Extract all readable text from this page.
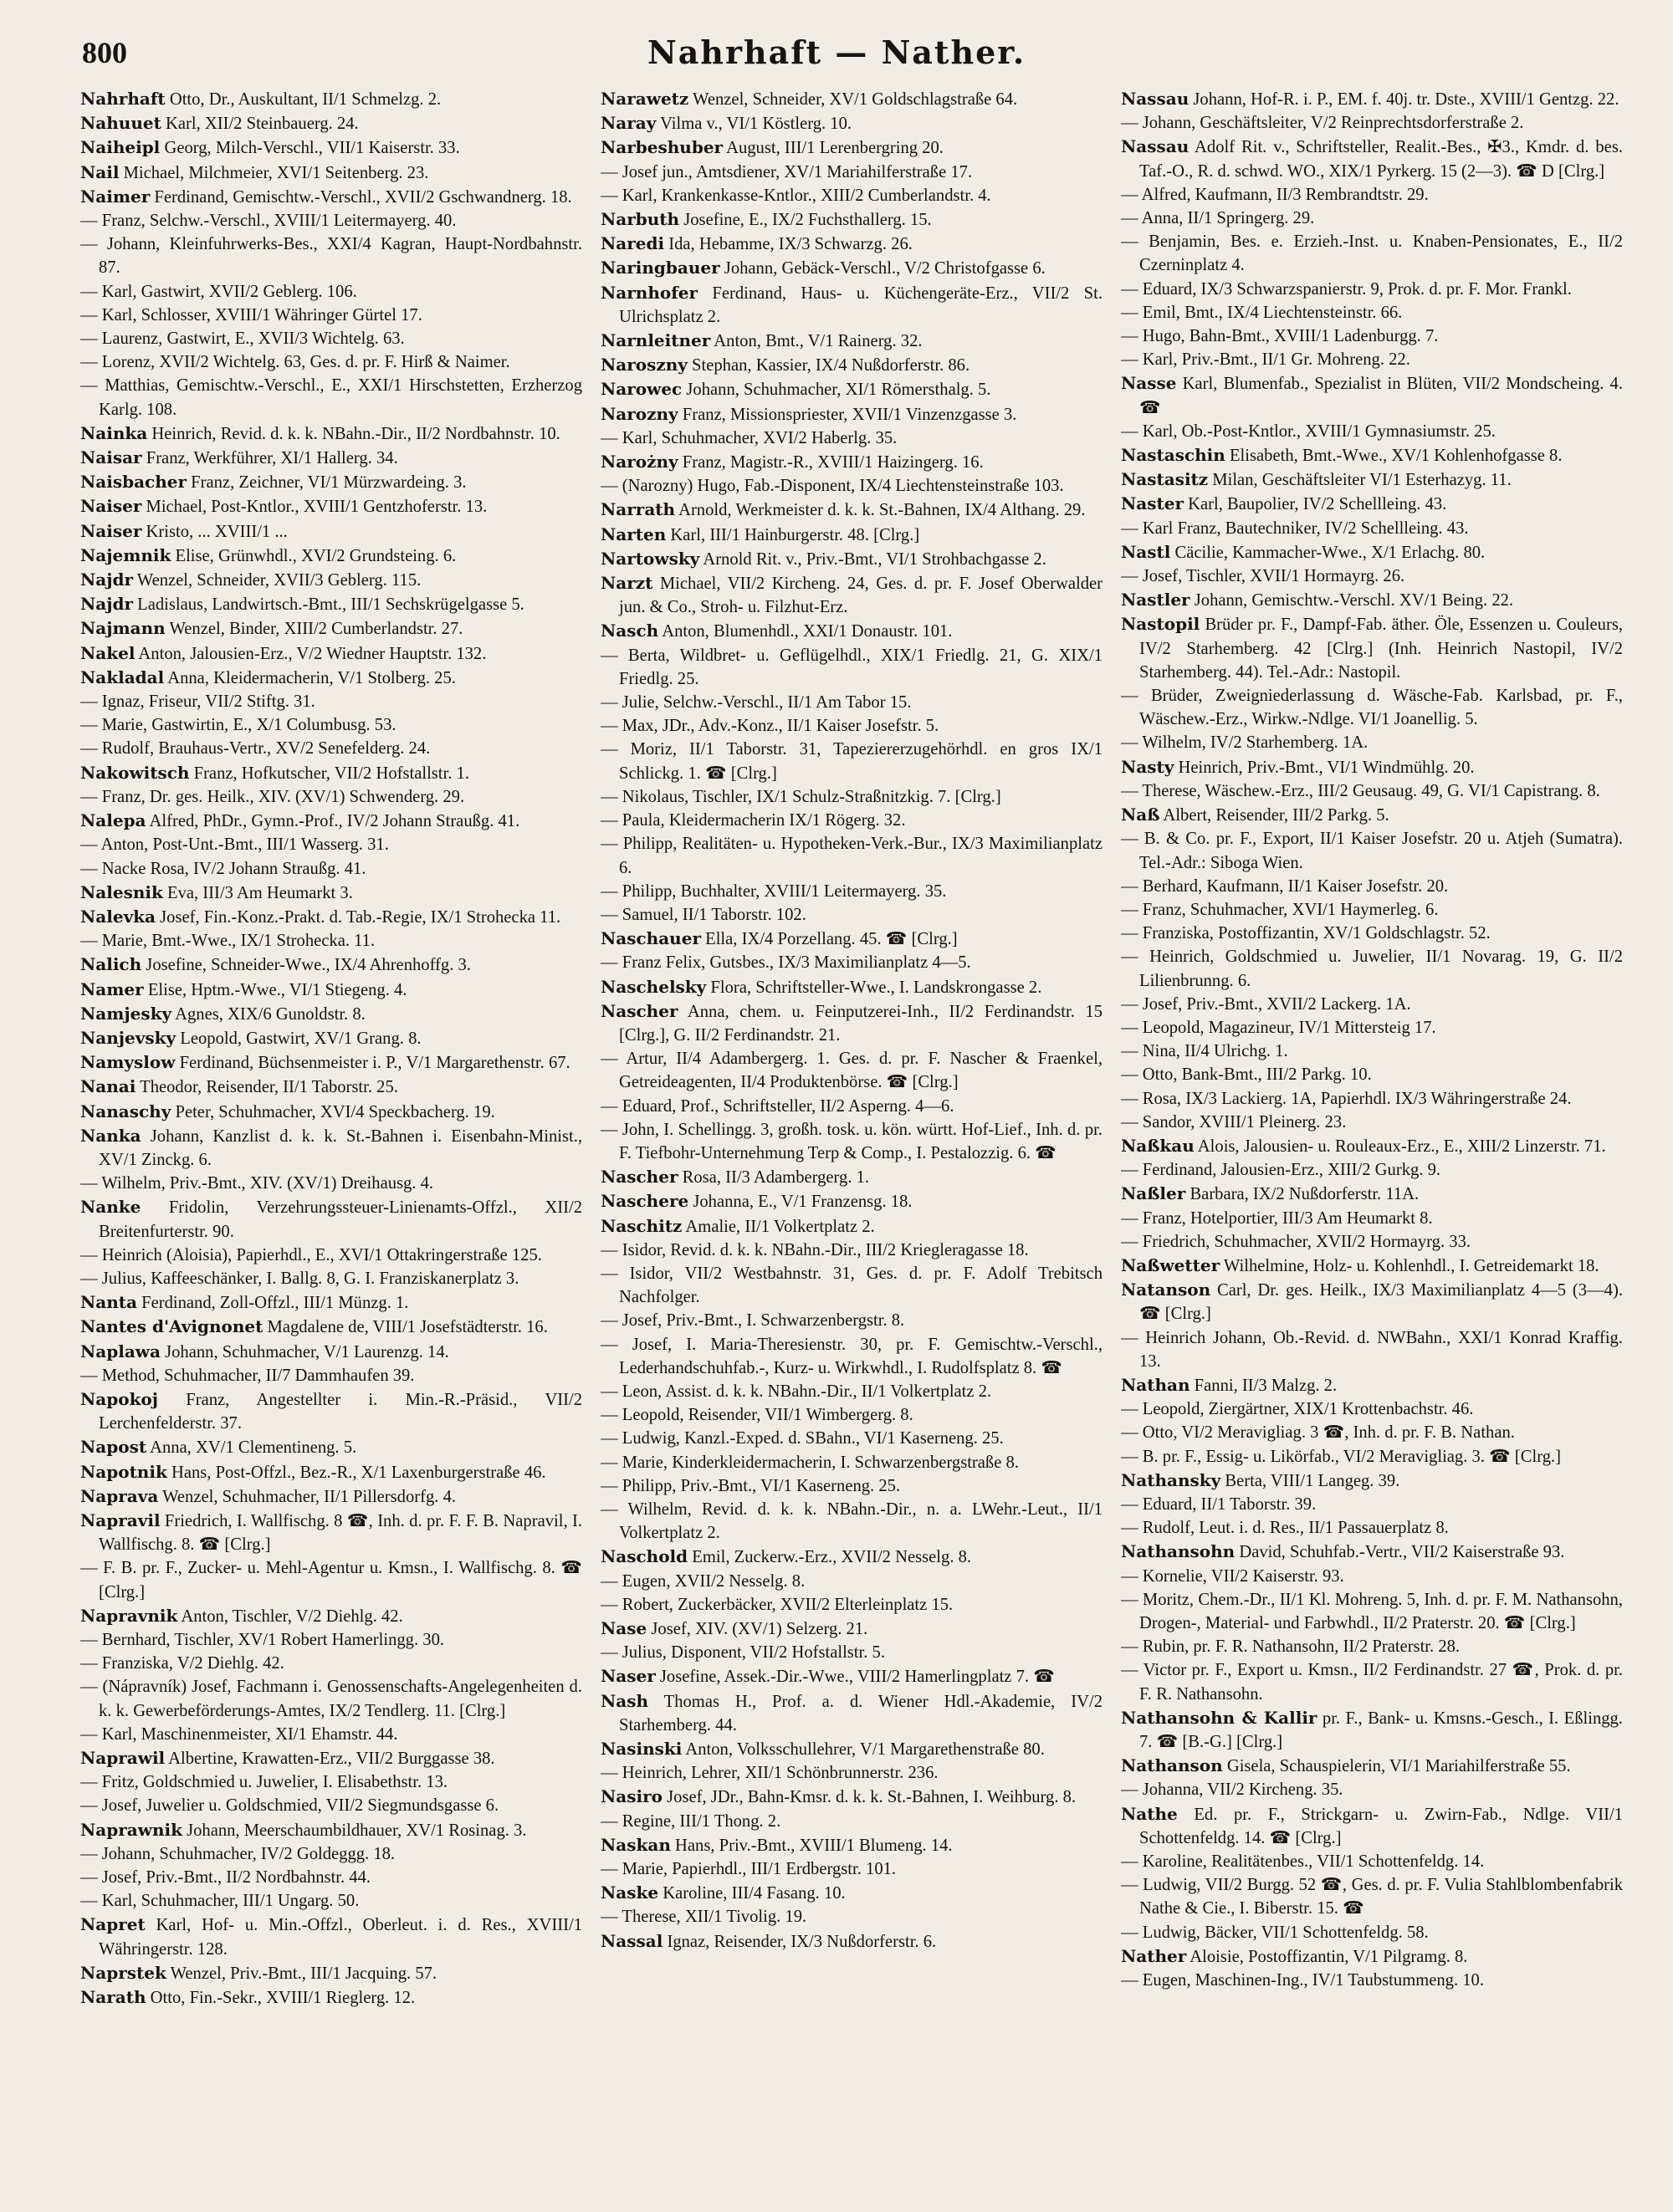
800	Nahrhaft — Nather.

Nahrhaft Otto, Dr., Auskultant, II/1 Schmelzg. 2.

Nahuuet Karl, XII/2 Steinbauerg. 24.

Naiheipl Georg, Milch-Verschl., VII/1 Kaiserstr. 33.

Nail Michael, Milchmeier, XVI/1 Seitenberg. 23.

Naimer Ferdinand, Gemischtw.-Verschl., XVII/2 Gschwandnerg. 18.

— Franz, Selchw.-Verschl., XVIII/1 Leitermayerg. 40.

— Johann, Kleinfuhrwerks-Bes., XXI/4 Kagran, Haupt-Nordbahnstr. 87.

— Karl, Gastwirt, XVII/2 Geblerg. 106.

— Karl, Schlosser, XVIII/1 Währinger Gürtel 17.

— Laurenz, Gastwirt, E., XVII/3 Wichtelg. 63.

— Lorenz, XVII/2 Wichtelg. 63, Ges. d. pr. F. Hirß & Naimer.

— Matthias, Gemischtw.-Verschl., E., XXI/1 Hirschstetten, Erzherzog Karlg. 108.

Nainka Heinrich, Revid. d. k. k. NBahn.-Dir., II/2 Nordbahnstr. 10.

Naisar Franz, Werkführer, XI/1 Hallerg. 34.

Naisbacher Franz, Zeichner, VI/1 Mürzwardeing. 3.

Naiser Michael, Post-Kntlor., XVIII/1 Gentzhoferstr. 13.

Naiser Kristo, ... XVIII/1 ...

Najemnik Elise, Grünwhdl., XVI/2 Grundsteing. 6.

Najdr Wenzel, Schneider, XVII/3 Geblerg. 115.

Najdr Ladislaus, Landwirtsch.-Bmt., III/1 Sechskrügelgasse 5.

Najmann Wenzel, Binder, XIII/2 Cumberlandstr. 27.

Nakel Anton, Jalousien-Erz., V/2 Wiedner Hauptstr. 132.

Nakladal Anna, Kleidermacherin, V/1 Stolberg. 25.

— Ignaz, Friseur, VII/2 Stiftg. 31.

— Marie, Gastwirtin, E., X/1 Columbusg. 53.

— Rudolf, Brauhaus-Vertr., XV/2 Senefelderg. 24.

Nakowitsch Franz, Hofkutscher, VII/2 Hofstallstr. 1.

— Franz, Dr. ges. Heilk., XIV. (XV/1) Schwenderg. 29.

Nalepa Alfred, PhDr., Gymn.-Prof., IV/2 Johann Straußg. 41.

— Anton, Post-Unt.-Bmt., III/1 Wasserg. 31.

— Nacke Rosa, IV/2 Johann Straußg. 41.

Nalesnik Eva, III/3 Am Heumarkt 3.

Nalevka Josef, Fin.-Konz.-Prakt. d. Tab.-Regie, IX/1 Strohecka 11.

— Marie, Bmt.-Wwe., IX/1 Strohecka. 11.

Nalich Josefine, Schneider-Wwe., IX/4 Ahrenhoffg. 3.

Namer Elise, Hptm.-Wwe., VI/1 Stiegeng. 4.

Namjesky Agnes, XIX/6 Gunoldstr. 8.

Nanjevsky Leopold, Gastwirt, XV/1 Grang. 8.

Namyslow Ferdinand, Büchsenmeister i. P., V/1 Margarethenstr. 67.

Nanai Theodor, Reisender, II/1 Taborstr. 25.

Nanaschy Peter, Schuhmacher, XVI/4 Speckbacherg. 19.

Nanka Johann, Kanzlist d. k. k. St.-Bahnen i. Eisenbahn-Minist., XV/1 Zinckg. 6.

— Wilhelm, Priv.-Bmt., XIV. (XV/1) Dreihausg. 4.

Nanke Fridolin, Verzehrungssteuer-Linienamts-Offzl., XII/2 Breitenfurterstr. 90.

— Heinrich (Aloisia), Papierhdl., E., XVI/1 Ottakringerstraße 125.

— Julius, Kaffeeschänker, I. Ballg. 8, G. I. Franziskanerplatz 3.

Nanta Ferdinand, Zoll-Offzl., III/1 Münzg. 1.

Nantes d'Avignonet Magdalene de, VIII/1 Josefstädterstr. 16.

Naplawa Johann, Schuhmacher, V/1 Laurenzg. 14.

— Method, Schuhmacher, II/7 Dammhaufen 39.

Napokoj Franz, Angestellter i. Min.-R.-Präsid., VII/2 Lerchenfelderstr. 37.

Napost Anna, XV/1 Clementineng. 5.

Napotnik Hans, Post-Offzl., Bez.-R., X/1 Laxenburgerstraße 46.

Naprava Wenzel, Schuhmacher, II/1 Pillersdorfg. 4.

Napravil Friedrich, I. Wallfischg. 8 ☎, Inh. d. pr. F. F. B. Napravil, I. Wallfischg. 8. ☎ [Clrg.]

— F. B. pr. F., Zucker- u. Mehl-Agentur u. Kmsn., I. Wallfischg. 8. ☎ [Clrg.]

Napravnik Anton, Tischler, V/2 Diehlg. 42.

— Bernhard, Tischler, XV/1 Robert Hamerlingg. 30.

— Franziska, V/2 Diehlg. 42.

— (Nápravník) Josef, Fachmann i. Genossenschafts-Angelegenheiten d. k. k. Gewerbeförderungs-Amtes, IX/2 Tendlerg. 11. [Clrg.]

— Karl, Maschinenmeister, XI/1 Ehamstr. 44.

Naprawil Albertine, Krawatten-Erz., VII/2 Burggasse 38.

— Fritz, Goldschmied u. Juwelier, I. Elisabethstr. 13.

— Josef, Juwelier u. Goldschmied, VII/2 Siegmundsgasse 6.

Naprawnik Johann, Meerschaumbildhauer, XV/1 Rosinag. 3.

— Johann, Schuhmacher, IV/2 Goldeggg. 18.

— Josef, Priv.-Bmt., II/2 Nordbahnstr. 44.

— Karl, Schuhmacher, III/1 Ungarg. 50.

Napret Karl, Hof- u. Min.-Offzl., Oberleut. i. d. Res., XVIII/1 Währingerstr. 128.

Naprstek Wenzel, Priv.-Bmt., III/1 Jacquing. 57.

Narath Otto, Fin.-Sekr., XVIII/1 Rieglerg. 12.

Narawetz Wenzel, Schneider, XV/1 Goldschlagstraße 64.

Naray Vilma v., VI/1 Köstlerg. 10.

Narbeshuber August, III/1 Lerenbergring 20.

— Josef jun., Amtsdiener, XV/1 Mariahilferstraße 17.

— Karl, Krankenkasse-Kntlor., XIII/2 Cumberlandstr. 4.

Narbuth Josefine, E., IX/2 Fuchsthallerg. 15.

Naredi Ida, Hebamme, IX/3 Schwarzg. 26.

Naringbauer Johann, Gebäck-Verschl., V/2 Christofgasse 6.

Narnhofer Ferdinand, Haus- u. Küchengeräte-Erz., VII/2 St. Ulrichsplatz 2.

Narnleitner Anton, Bmt., V/1 Rainerg. 32.

Naroszny Stephan, Kassier, IX/4 Nußdorferstr. 86.

Narowec Johann, Schuhmacher, XI/1 Römersthalg. 5.

Narozny Franz, Missionspriester, XVII/1 Vinzenzgasse 3.

— Karl, Schuhmacher, XVI/2 Haberlg. 35.

Narożny Franz, Magistr.-R., XVIII/1 Haizingerg. 16.

— (Narozny) Hugo, Fab.-Disponent, IX/4 Liechtensteinstraße 103.

Narrath Arnold, Werkmeister d. k. k. St.-Bahnen, IX/4 Althang. 29.

Narten Karl, III/1 Hainburgerstr. 48. [Clrg.]

Nartowsky Arnold Rit. v., Priv.-Bmt., VI/1 Strohbachgasse 2.

Narzt Michael, VII/2 Kircheng. 24, Ges. d. pr. F. Josef Oberwalder jun. & Co., Stroh- u. Filzhut-Erz.

Nasch Anton, Blumenhdl., XXI/1 Donaustr. 101.

— Berta, Wildbret- u. Geflügelhdl., XIX/1 Friedlg. 21, G. XIX/1 Friedlg. 25.

— Julie, Selchw.-Verschl., II/1 Am Tabor 15.

— Max, JDr., Adv.-Konz., II/1 Kaiser Josefstr. 5.

— Moriz, II/1 Taborstr. 31, Tapeziererzugehörhdl. en gros IX/1 Schlickg. 1. ☎ [Clrg.]

— Nikolaus, Tischler, IX/1 Schulz-Straßnitzkig. 7. [Clrg.]

— Paula, Kleidermacherin IX/1 Rögerg. 32.

— Philipp, Realitäten- u. Hypotheken-Verk.-Bur., IX/3 Maximilianplatz 6.

— Philipp, Buchhalter, XVIII/1 Leitermayerg. 35.

— Samuel, II/1 Taborstr. 102.

Naschauer Ella, IX/4 Porzellang. 45. ☎ [Clrg.]

— Franz Felix, Gutsbes., IX/3 Maximilianplatz 4—5.

Naschelsky Flora, Schriftsteller-Wwe., I. Landskrongasse 2.

Nascher Anna, chem. u. Feinputzerei-Inh., II/2 Ferdinandstr. 15 [Clrg.], G. II/2 Ferdinandstr. 21.

— Artur, II/4 Adambergerg. 1. Ges. d. pr. F. Nascher & Fraenkel, Getreideagenten, II/4 Produktenbörse. ☎ [Clrg.]

— Eduard, Prof., Schriftsteller, II/2 Asperng. 4—6.

— John, I. Schellingg. 3, großh. tosk. u. kön. württ. Hof-Lief., Inh. d. pr. F. Tiefbohr-Unternehmung Terp & Comp., I. Pestalozzig. 6. ☎

Nascher Rosa, II/3 Adambergerg. 1.

Naschere Johanna, E., V/1 Franzensg. 18.

Naschitz Amalie, II/1 Volkertplatz 2.

— Isidor, Revid. d. k. k. NBahn.-Dir., III/2 Kriegleragasse 18.

— Isidor, VII/2 Westbahnstr. 31, Ges. d. pr. F. Adolf Trebitsch Nachfolger.

— Josef, Priv.-Bmt., I. Schwarzenbergstr. 8.

— Josef, I. Maria-Theresienstr. 30, pr. F. Gemischtw.-Verschl., Lederhandschuhfab.-, Kurz- u. Wirkwhdl., I. Rudolfsplatz 8. ☎

— Leon, Assist. d. k. k. NBahn.-Dir., II/1 Volkertplatz 2.

— Leopold, Reisender, VII/1 Wimbergerg. 8.

— Ludwig, Kanzl.-Exped. d. SBahn., VI/1 Kaserneng. 25.

— Marie, Kinderkleidermacherin, I. Schwarzenbergstraße 8.

— Philipp, Priv.-Bmt., VI/1 Kaserneng. 25.

— Wilhelm, Revid. d. k. k. NBahn.-Dir., n. a. LWehr.-Leut., II/1 Volkertplatz 2.

Naschold Emil, Zuckerw.-Erz., XVII/2 Nesselg. 8.

— Eugen, XVII/2 Nesselg. 8.

— Robert, Zuckerbäcker, XVII/2 Elterleinplatz 15.

Nase Josef, XIV. (XV/1) Selzerg. 21.

— Julius, Disponent, VII/2 Hofstallstr. 5.

Naser Josefine, Assek.-Dir.-Wwe., VIII/2 Hamerlingplatz 7. ☎

Nash Thomas H., Prof. a. d. Wiener Hdl.-Akademie, IV/2 Starhemberg. 44.

Nasinski Anton, Volksschullehrer, V/1 Margarethenstraße 80.

— Heinrich, Lehrer, XII/1 Schönbrunnerstr. 236.

Nasiro Josef, JDr., Bahn-Kmsr. d. k. k. St.-Bahnen, I. Weihburg. 8.

— Regine, III/1 Thong. 2.

Naskan Hans, Priv.-Bmt., XVIII/1 Blumeng. 14.

— Marie, Papierhdl., III/1 Erdbergstr. 101.

Naske Karoline, III/4 Fasang. 10.

— Therese, XII/1 Tivolig. 19.

Nassal Ignaz, Reisender, IX/3 Nußdorferstr. 6.

Nassau Johann, Hof-R. i. P., EM. f. 40j. tr. Dste., XVIII/1 Gentzg. 22.

— Johann, Geschäftsleiter, V/2 Reinprechtsdorferstraße 2.

Nassau Adolf Rit. v., Schriftsteller, Realit.-Bes., ✠3., Kmdr. d. bes. Taf.-O., R. d. schwd. WO., XIX/1 Pyrkerg. 15 (2—3). ☎ D [Clrg.]

— Alfred, Kaufmann, II/3 Rembrandtstr. 29.

— Anna, II/1 Springerg. 29.

— Benjamin, Bes. e. Erzieh.-Inst. u. Knaben-Pensionates, E., II/2 Czerninplatz 4.

— Eduard, IX/3 Schwarzspanierstr. 9, Prok. d. pr. F. Mor. Frankl.

— Emil, Bmt., IX/4 Liechtensteinstr. 66.

— Hugo, Bahn-Bmt., XVIII/1 Ladenburgg. 7.

— Karl, Priv.-Bmt., II/1 Gr. Mohreng. 22.

Nasse Karl, Blumenfab., Spezialist in Blüten, VII/2 Mondscheing. 4. ☎

— Karl, Ob.-Post-Kntlor., XVIII/1 Gymnasiumstr. 25.

Nastaschin Elisabeth, Bmt.-Wwe., XV/1 Kohlenhofgasse 8.

Nastasitz Milan, Geschäftsleiter VI/1 Esterhazyg. 11.

Naster Karl, Baupolier, IV/2 Schellleing. 43.

— Karl Franz, Bautechniker, IV/2 Schellleing. 43.

Nastl Cäcilie, Kammacher-Wwe., X/1 Erlachg. 80.

— Josef, Tischler, XVII/1 Hormayrg. 26.

Nastler Johann, Gemischtw.-Verschl. XV/1 Being. 22.

Nastopil Brüder pr. F., Dampf-Fab. äther. Öle, Essenzen u. Couleurs, IV/2 Starhemberg. 42 [Clrg.] (Inh. Heinrich Nastopil, IV/2 Starhemberg. 44). Tel.-Adr.: Nastopil.

— Brüder, Zweigniederlassung d. Wäsche-Fab. Karlsbad, pr. F., Wäschew.-Erz., Wirkw.-Ndlge. VI/1 Joanellig. 5.

— Wilhelm, IV/2 Starhemberg. 1A.

Nasty Heinrich, Priv.-Bmt., VI/1 Windmühlg. 20.

— Therese, Wäschew.-Erz., III/2 Geusaug. 49, G. VI/1 Capistrang. 8.

Naß Albert, Reisender, III/2 Parkg. 5.

— B. & Co. pr. F., Export, II/1 Kaiser Josefstr. 20 u. Atjeh (Sumatra). Tel.-Adr.: Siboga Wien.

— Berhard, Kaufmann, II/1 Kaiser Josefstr. 20.

— Franz, Schuhmacher, XVI/1 Haymerleg. 6.

— Franziska, Postoffizantin, XV/1 Goldschlagstr. 52.

— Heinrich, Goldschmied u. Juwelier, II/1 Novarag. 19, G. II/2 Lilienbrunng. 6.

— Josef, Priv.-Bmt., XVII/2 Lackerg. 1A.

— Leopold, Magazineur, IV/1 Mittersteig 17.

— Nina, II/4 Ulrichg. 1.

— Otto, Bank-Bmt., III/2 Parkg. 10.

— Rosa, IX/3 Lackierg. 1A, Papierhdl. IX/3 Währingerstraße 24.

— Sandor, XVIII/1 Pleinerg. 23.

Naßkau Alois, Jalousien- u. Rouleaux-Erz., E., XIII/2 Linzerstr. 71.

— Ferdinand, Jalousien-Erz., XIII/2 Gurkg. 9.

Naßler Barbara, IX/2 Nußdorferstr. 11A.

— Franz, Hotelportier, III/3 Am Heumarkt 8.

— Friedrich, Schuhmacher, XVII/2 Hormayrg. 33.

Naßwetter Wilhelmine, Holz- u. Kohlenhdl., I. Getreidemarkt 18.

Natanson Carl, Dr. ges. Heilk., IX/3 Maximilianplatz 4—5 (3—4). ☎ [Clrg.]

— Heinrich Johann, Ob.-Revid. d. NWBahn., XXI/1 Konrad Kraffig. 13.

Nathan Fanni, II/3 Malzg. 2.

— Leopold, Ziergärtner, XIX/1 Krottenbachstr. 46.

— Otto, VI/2 Meravigliag. 3 ☎, Inh. d. pr. F. B. Nathan.

— B. pr. F., Essig- u. Likörfab., VI/2 Meravigliag. 3. ☎ [Clrg.]

Nathansky Berta, VIII/1 Langeg. 39.

— Eduard, II/1 Taborstr. 39.

— Rudolf, Leut. i. d. Res., II/1 Passauerplatz 8.

Nathansohn David, Schuhfab.-Vertr., VII/2 Kaiserstraße 93.

— Kornelie, VII/2 Kaiserstr. 93.

— Moritz, Chem.-Dr., II/1 Kl. Mohreng. 5, Inh. d. pr. F. M. Nathansohn, Drogen-, Material- und Farbwhdl., II/2 Praterstr. 20. ☎ [Clrg.]

— Rubin, pr. F. R. Nathansohn, II/2 Praterstr. 28.

— Victor pr. F., Export u. Kmsn., II/2 Ferdinandstr. 27 ☎, Prok. d. pr. F. R. Nathansohn.

Nathansohn & Kallir pr. F., Bank- u. Kmsns.-Gesch., I. Eßlingg. 7. ☎ [B.-G.] [Clrg.]

Nathanson Gisela, Schauspielerin, VI/1 Mariahilferstraße 55.

— Johanna, VII/2 Kircheng. 35.

Nathe Ed. pr. F., Strickgarn- u. Zwirn-Fab., Ndlge. VII/1 Schottenfeldg. 14. ☎ [Clrg.]

— Karoline, Realitätenbes., VII/1 Schottenfeldg. 14.

— Ludwig, VII/2 Burgg. 52 ☎, Ges. d. pr. F. Vulia Stahlblombenfabrik Nathe & Cie., I. Biberstr. 15. ☎

— Ludwig, Bäcker, VII/1 Schottenfeldg. 58.

Nather Aloisie, Postoffizantin, V/1 Pilgramg. 8.

— Eugen, Maschinen-Ing., IV/1 Taubstummeng. 10.
